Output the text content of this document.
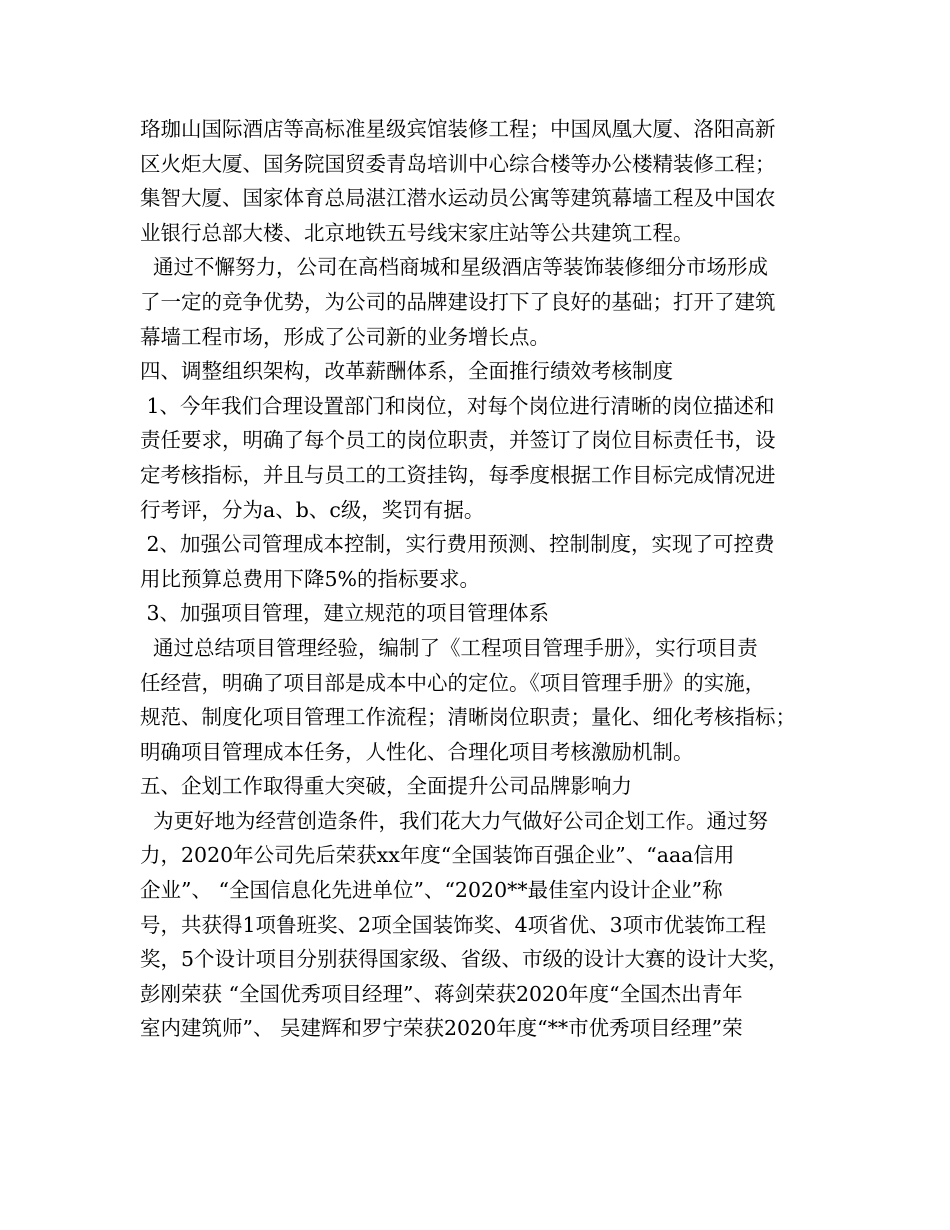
珞珈山国际酒店等高标准星级宾馆装修工程；中国凤凰大厦、洛阳高新
区火炬大厦、国务院国贸委青岛培训中心综合楼等办公楼精装修工程；
集智大厦、国家体育总局湛江潜水运动员公寓等建筑幕墙工程及中国农
业银行总部大楼、北京地铁五号线宋家庄站等公共建筑工程。
通过不懈努力，公司在高档商城和星级酒店等装饰装修细分市场形成
了一定的竞争优势，为公司的品牌建设打下了良好的基础；打开了建筑
幕墙工程市场，形成了公司新的业务增长点。
四、调整组织架构，改革薪酬体系，全面推行绩效考核制度
1、今年我们合理设置部门和岗位，对每个岗位进行清晰的岗位描述和
责任要求，明确了每个员工的岗位职责，并签订了岗位目标责任书，设
定考核指标，并且与员工的工资挂钩，每季度根据工作目标完成情况进
行考评，分为a、b、c级，奖罚有据。
2、加强公司管理成本控制，实行费用预测、控制制度，实现了可控费
用比预算总费用下降5%的指标要求。
3、加强项目管理，建立规范的项目管理体系
通过总结项目管理经验，编制了《工程项目管理手册》，实行项目责
任经营，明确了项目部是成本中心的定位。《项目管理手册》的实施，
规范、制度化项目管理工作流程；清晰岗位职责；量化、细化考核指标；
明确项目管理成本任务，人性化、合理化项目考核激励机制。
五、企划工作取得重大突破，全面提升公司品牌影响力
为更好地为经营创造条件，我们花大力气做好公司企划工作。通过努
力，2020年公司先后荣获xx年度“全国装饰百强企业”、“aaa信用
企业”、 “全国信息化先进单位”、“2020**最佳室内设计企业”称
号，共获得1项鲁班奖、2项全国装饰奖、4项省优、3项市优装饰工程
奖，5个设计项目分别获得国家级、省级、市级的设计大赛的设计大奖，
彭刚荣获 “全国优秀项目经理”、蒋剑荣获2020年度“全国杰出青年
室内建筑师”、 吴建辉和罗宁荣获2020年度“**市优秀项目经理”荣
